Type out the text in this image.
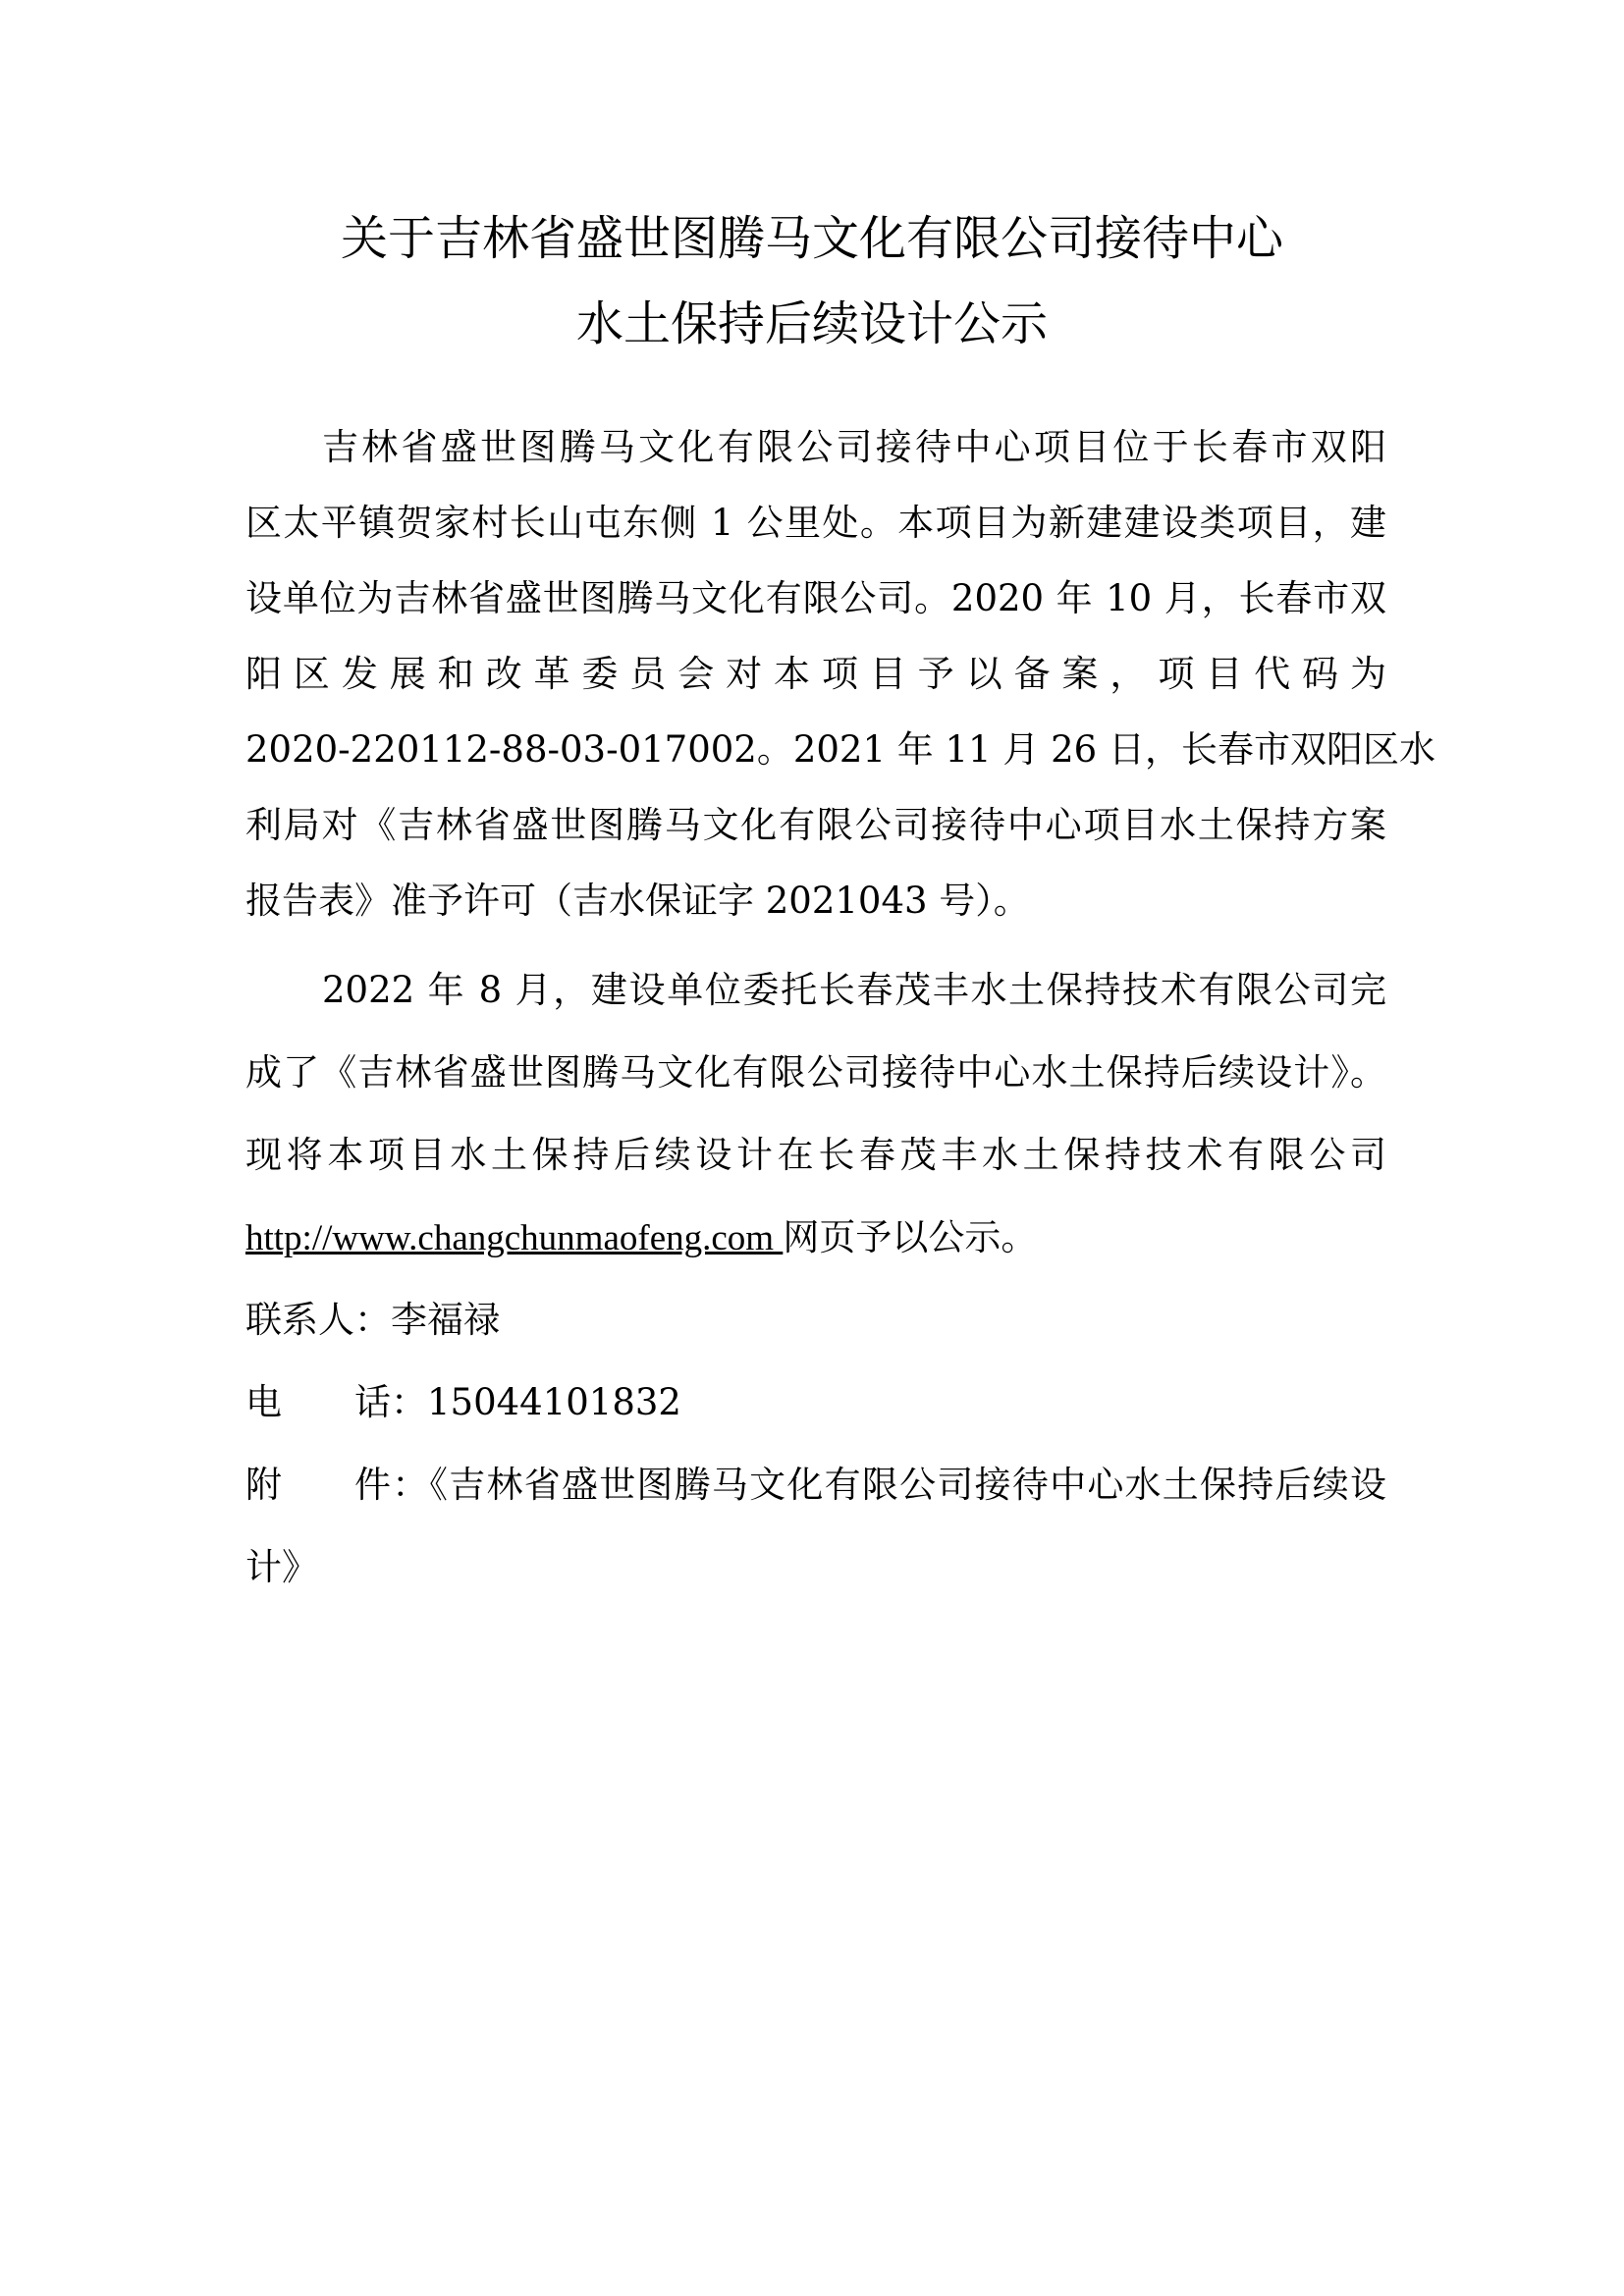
关于吉林省盛世图腾马文化有限公司接待中心
水土保持后续设计公示
吉林省盛世图腾马文化有限公司接待中心项目位于长春市双阳
区太平镇贺家村长山屯东侧 1 公里处。本项目为新建建设类项目，建
设单位为吉林省盛世图腾马文化有限公司。2020 年 10 月，长春市双
阳区发展和改革委员会对本项目予以备案，项目代码为
2020-220112-88-03-017002。2021 年 11 月 26 日，长春市双阳区水
利局对《吉林省盛世图腾马文化有限公司接待中心项目水土保持方案
报告表》准予许可（吉水保证字 2021043 号）。
2022 年 8 月，建设单位委托长春茂丰水土保持技术有限公司完
成了《吉林省盛世图腾马文化有限公司接待中心水土保持后续设计》。
现将本项目水土保持后续设计在长春茂丰水土保持技术有限公司
http://www.changchunmaofeng.com 网页予以公示。
联系人：李福禄
电　话：15044101832
附　件：《吉林省盛世图腾马文化有限公司接待中心水土保持后续设
计》
